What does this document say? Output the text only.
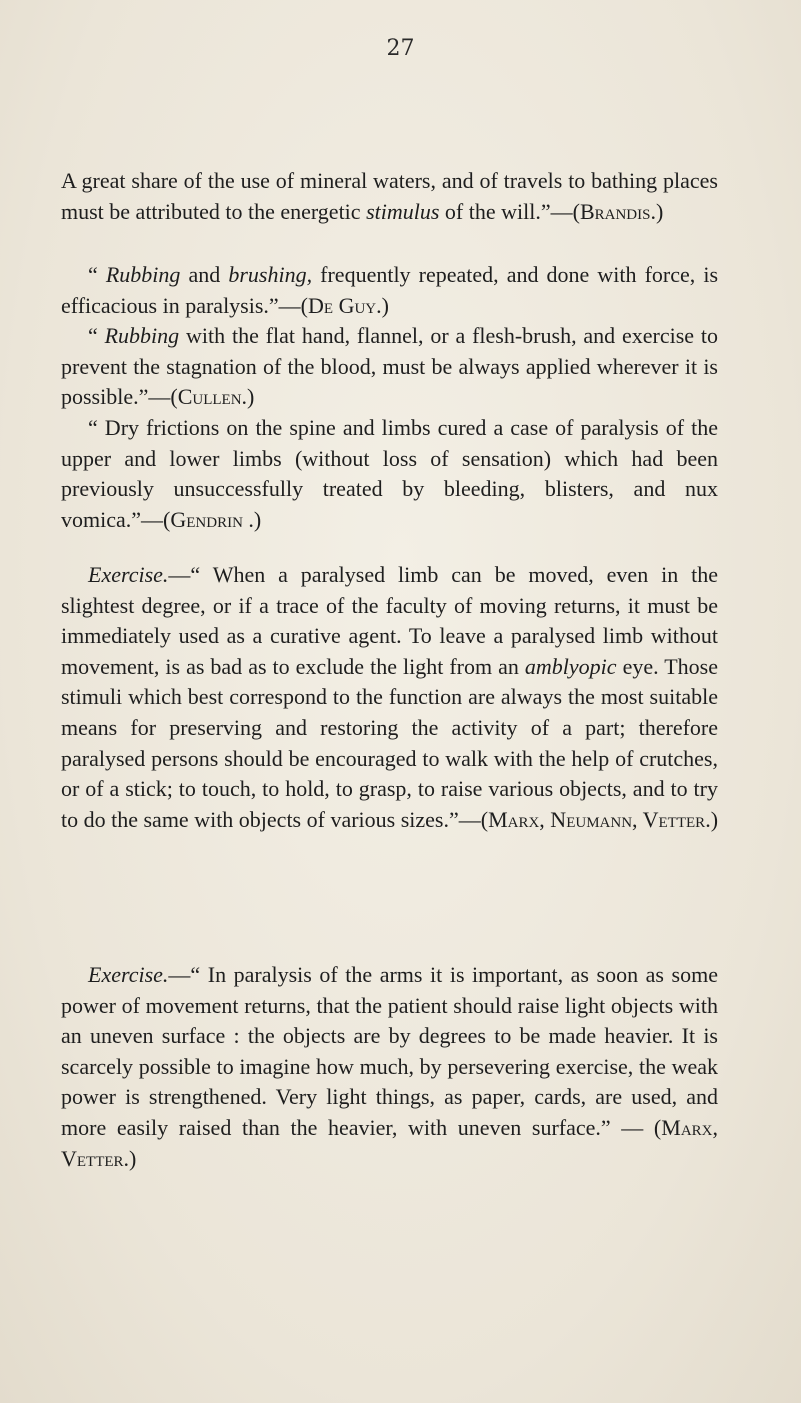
27

A great share of the use of mineral waters, and of travels to bathing places must be attributed to the energetic stimulus of the will.”—(Brandis.)

“ Rubbing and brushing, frequently repeated, and done with force, is efficacious in paralysis.”—(De Guy.)

“ Rubbing with the flat hand, flannel, or a flesh-brush, and exercise to prevent the stagnation of the blood, must be always applied wherever it is possible.”—(Cullen.)

“ Dry frictions on the spine and limbs cured a case of paralysis of the upper and lower limbs (without loss of sensation) which had been previously unsuccessfully treated by bleeding, blisters, and nux vomica.”—(Gendrin .)

Exercise.—“ When a paralysed limb can be moved, even in the slightest degree, or if a trace of the faculty of moving returns, it must be immediately used as a curative agent. To leave a paralysed limb without movement, is as bad as to exclude the light from an amblyopic eye. Those stimuli which best correspond to the function are always the most suitable means for preserving and restoring the activity of a part; therefore paralysed persons should be encouraged to walk with the help of crutches, or of a stick; to touch, to hold, to grasp, to raise various objects, and to try to do the same with objects of various sizes.”—(Marx, Neumann, Vetter.)

Exercise.—“ In paralysis of the arms it is important, as soon as some power of movement returns, that the patient should raise light objects with an uneven surface : the objects are by degrees to be made heavier. It is scarcely possible to imagine how much, by persevering exercise, the weak power is strengthened. Very light things, as paper, cards, are used, and more easily raised than the heavier, with uneven surface.” — (Marx, Vetter.)
